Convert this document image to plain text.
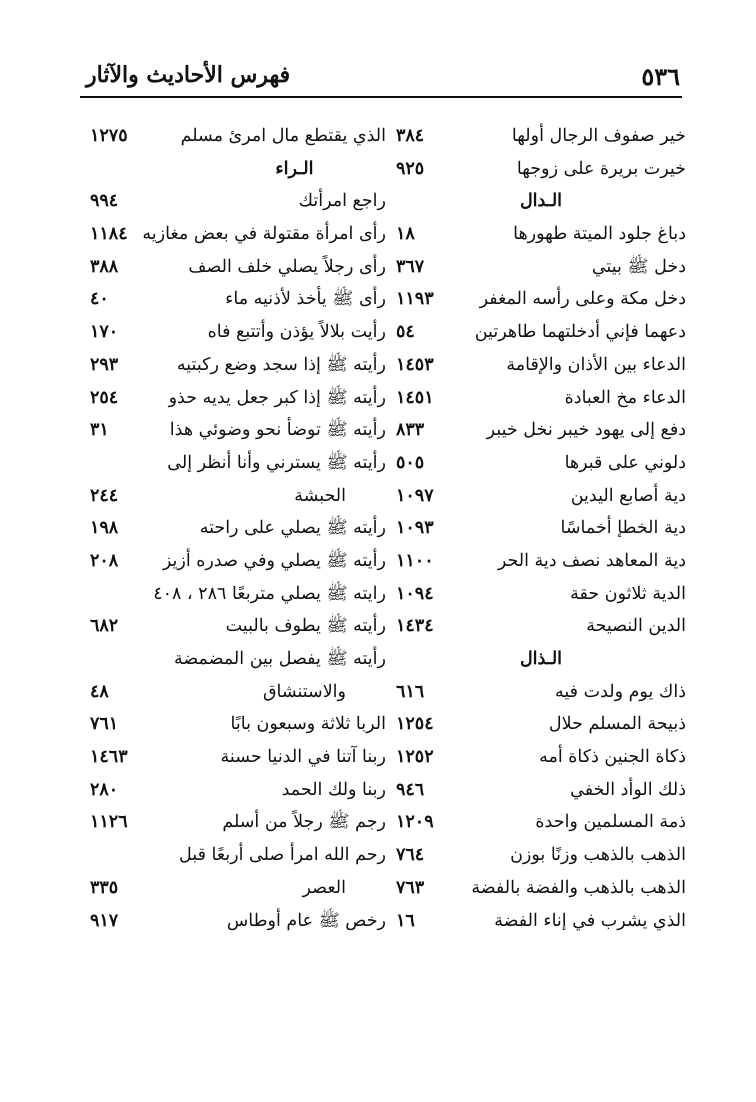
٥٣٦
فهرس الأحاديث والآثار
خير صفوف الرجال أولها
٣٨٤
خيرت بريرة على زوجها
٩٢٥
الـدال
دباغ جلود الميتة طهورها
١٨
دخل ﷺ بيتي
٣٦٧
دخل مكة وعلى رأسه المغفر
١١٩٣
دعهما فإني أدخلتهما طاهرتين
٥٤
الدعاء بين الأذان والإقامة
١٤٥٣
الدعاء مخ العبادة
١٤٥١
دفع إلى يهود خيبر نخل خيبر
٨٣٣
دلوني على قبرها
٥٠٥
دية أصابع اليدين
١٠٩٧
دية الخطإ أخماسًا
١٠٩٣
دية المعاهد نصف دية الحر
١١٠٠
الدية ثلاثون حقة
١٠٩٤
الدين النصيحة
١٤٣٤
الـذال
ذاك يوم ولدت فيه
٦١٦
ذبيحة المسلم حلال
١٢٥٤
ذكاة الجنين ذكاة أمه
١٢٥٢
ذلك الوأد الخفي
٩٤٦
ذمة المسلمين واحدة
١٢٠٩
الذهب بالذهب وزنًا بوزن
٧٦٤
الذهب بالذهب والفضة بالفضة
٧٦٣
الذي يشرب في إناء الفضة
١٦
الذي يقتطع مال امرئ مسلم
١٢٧٥
الـراء
راجع امرأتك
٩٩٤
رأى امرأة مقتولة في بعض مغازيه
١١٨٤
رأى رجلاً يصلي خلف الصف
٣٨٨
رأى ﷺ يأخذ لأذنيه ماء
٤٠
رأيت بلالاً يؤذن وأتتبع فاه
١٧٠
رأيته ﷺ إذا سجد وضع ركبتيه
٢٩٣
رأيته ﷺ إذا كبر جعل يديه حذو
٢٥٤
رأيته ﷺ توضأ نحو وضوئي هذا
٣١
رأيته ﷺ يسترني وأنا أنظر إلى
الحبشة
٢٤٤
رأيته ﷺ يصلي على راحته
١٩٨
رأيته ﷺ يصلي وفي صدره أزيز
٢٠٨
رايته ﷺ يصلي متربعًا ٢٨٦ ، ٤٠٨
رأيته ﷺ يطوف بالبيت
٦٨٢
رأيته ﷺ يفصل بين المضمضة
والاستنشاق
٤٨
الربا ثلاثة وسبعون بابًا
٧٦١
ربنا آتنا في الدنيا حسنة
١٤٦٣
ربنا ولك الحمد
٢٨٠
رجم ﷺ رجلاً من أسلم
١١٢٦
رحم الله امرأ صلى أربعًا قبل
العصر
٣٣٥
رخص ﷺ عام أوطاس
٩١٧
